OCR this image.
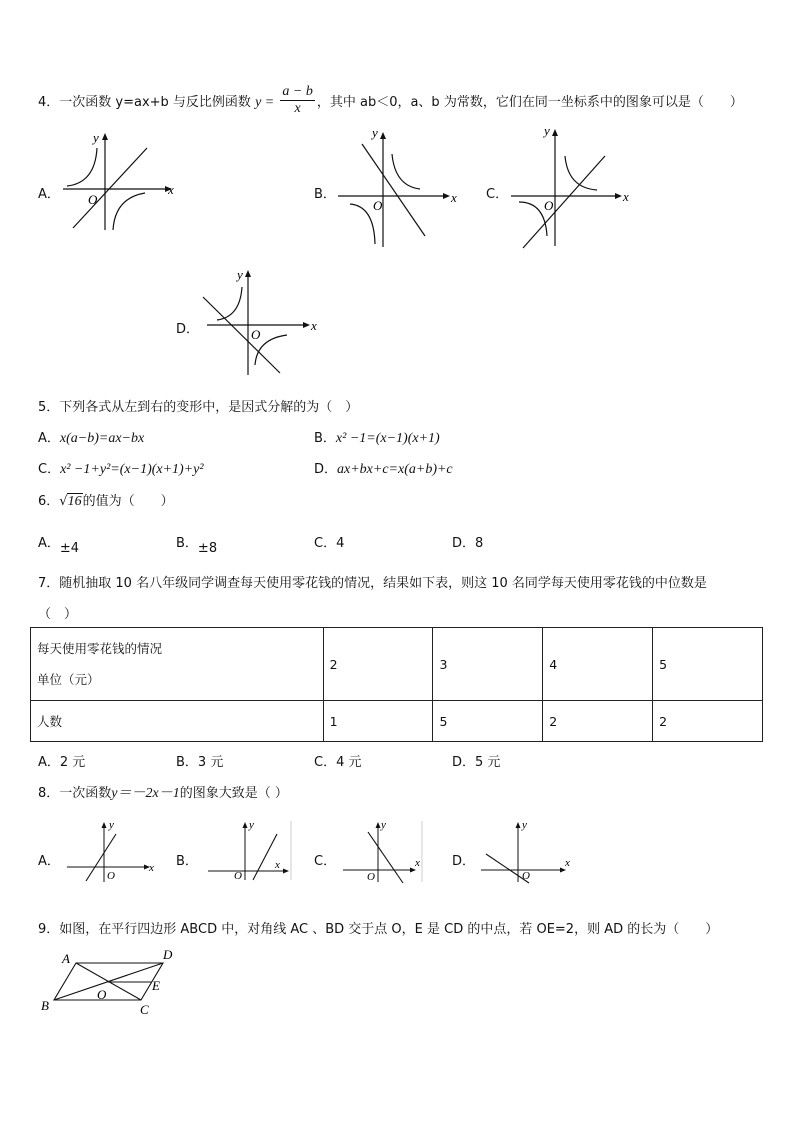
4．一次函数 y=ax+b 与反比例函数 $y = \frac{a - b}{x}$ ，其中 ab＜0，a、b 为常数，它们在同一坐标系中的图象可以是（　　）
A．	x
y
O	B．	x
y
O
C．	x
y
O
D．	x
y
O
5．下列各式从左到右的变形中，是因式分解的为（　）
A．x(a−b)=ax−bx	B．x² −1=(x−1)(x+1)
C．x² −1+y²=(x−1)(x+1)+y²	D．ax+bx+c=x(a+b)+c
6．√16的值为（　　）
A．±4	B．±8	C．4	D．8
7．随机抽取 10 名八年级同学调查每天使用零花钱的情况，结果如下表，则这 10 名同学每天使用零花钱的中位数是
（　）
每天使用零花钱的情况
单位（元）	2	3	4	5
人数	1	5	2	2
A．2 元	B．3 元	C．4 元	D．5 元
8．一次函数y＝－2x－1的图象大致是（ ）
A．	x
y
O
B．	x
y
O
C．	x
y
O
D．	x
y
O
9．如图，在平行四边形 ABCD 中，对角线 AC 、BD 交于点 O，E 是 CD 的中点，若 OE=2，则 AD 的长为（　　）
A	D
B	C
E
O
